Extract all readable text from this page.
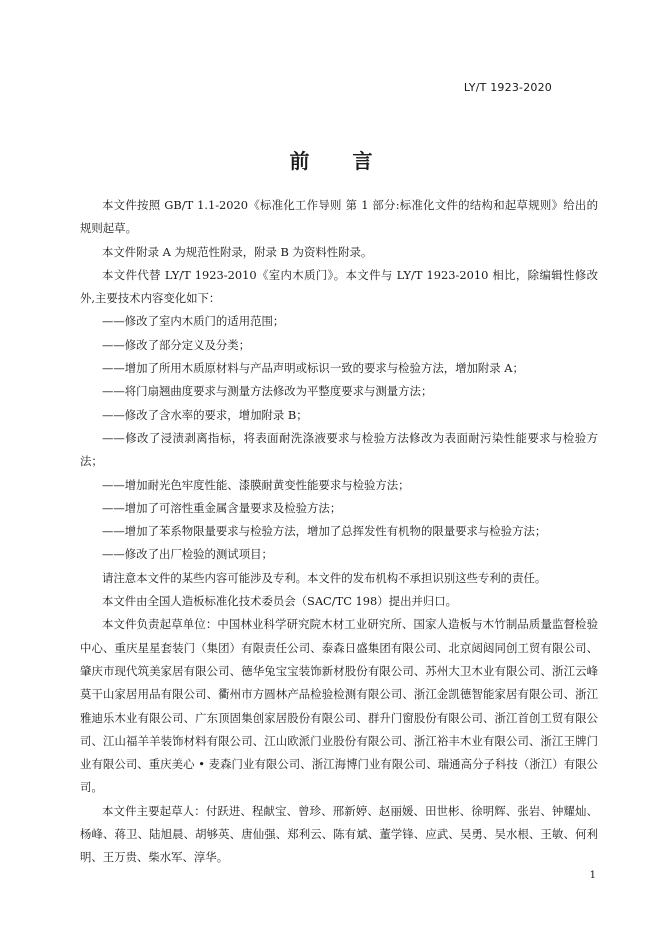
LY/T 1923-2020
前 言

本文件按照 GB/T 1.1-2020《标准化工作导则 第 1 部分:标准化文件的结构和起草规则》给出的规则起草。

本文件附录 A 为规范性附录，附录 B 为资料性附录。

本文件代替 LY/T 1923-2010《室内木质门》。本文件与 LY/T 1923-2010 相比，除编辑性修改外,主要技术内容变化如下：

——修改了室内木质门的适用范围；

——修改了部分定义及分类；

——增加了所用木质原材料与产品声明或标识一致的要求与检验方法，增加附录 A；

——将门扇翘曲度要求与测量方法修改为平整度要求与测量方法；

——修改了含水率的要求，增加附录 B；

——修改了浸渍剥离指标，将表面耐洗涤液要求与检验方法修改为表面耐污染性能要求与检验方法；

——增加耐光色牢度性能、漆膜耐黄变性能要求与检验方法；

——增加了可溶性重金属含量要求及检验方法；

——增加了苯系物限量要求与检验方法，增加了总挥发性有机物的限量要求与检验方法；

——修改了出厂检验的测试项目；

请注意本文件的某些内容可能涉及专利。本文件的发布机构不承担识别这些专利的责任。

本文件由全国人造板标准化技术委员会（SAC/TC 198）提出并归口。

本文件负责起草单位：中国林业科学研究院木材工业研究所、国家人造板与木竹制品质量监督检验中心、重庆星星套装门（集团）有限责任公司、泰森日盛集团有限公司、北京闼闼同创工贸有限公司、肇庆市现代筑美家居有限公司、德华兔宝宝装饰新材股份有限公司、苏州大卫木业有限公司、浙江云峰莫干山家居用品有限公司、衢州市方圆林产品检验检测有限公司、浙江金凯德智能家居有限公司、浙江雅迪乐木业有限公司、广东顶固集创家居股份有限公司、群升门窗股份有限公司、浙江首创工贸有限公司、江山福羊羊装饰材料有限公司、江山欧派门业股份有限公司、浙江裕丰木业有限公司、浙江王牌门业有限公司、重庆美心 • 麦森门业有限公司、浙江海博门业有限公司、瑞通高分子科技（浙江）有限公司。

本文件主要起草人：付跃进、程献宝、曾珍、邢新婷、赵丽媛、田世彬、徐明辉、张岩、钟耀灿、杨峰、蒋卫、陆旭晨、胡够英、唐仙强、郑利云、陈有斌、董学锋、应武、吴勇、吴水根、王敏、何利明、王万贵、柴水军、淳华。

1
